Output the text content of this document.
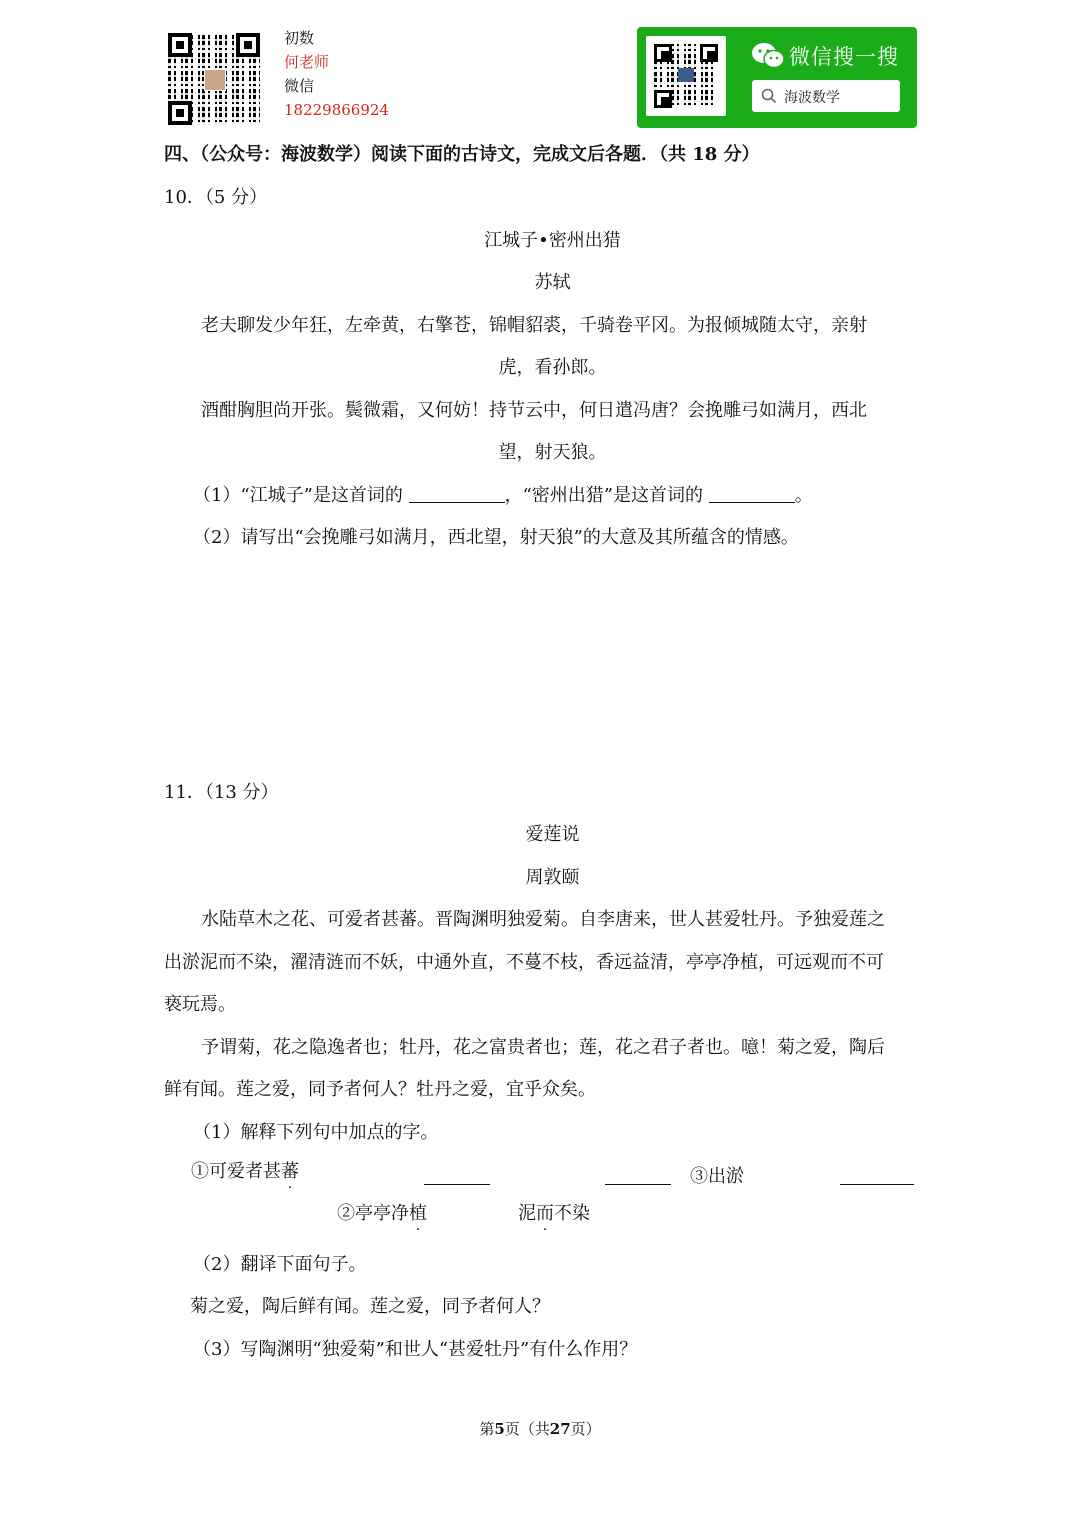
初数
何老师
微信
18229866924
微信搜一搜
海波数学
四、（公众号：海波数学）阅读下面的古诗文，完成文后各题．（共 18 分）
10．（5 分）
江城子•密州出猎
苏轼
老夫聊发少年狂，左牵黄，右擎苍，锦帽貂裘，千骑卷平冈。为报倾城随太守，亲射
虎，看孙郎。
酒酣胸胆尚开张。鬓微霜，又何妨！持节云中，何日遣冯唐？会挽雕弓如满月，西北
望，射天狼。
（1）“江城子”是这首词的	，“密州出猎”是这首词的	。
（2）请写出“会挽雕弓如满月，西北望，射天狼”的大意及其所蕴含的情感。
11．（13 分）
爱莲说
周敦颐
水陆草木之花、可爱者甚蕃。晋陶渊明独爱菊。自李唐来，世人甚爱牡丹。予独爱莲之
出淤泥而不染，濯清涟而不妖，中通外直，不蔓不枝，香远益清，亭亭净植，可远观而不可
亵玩焉。
予谓菊，花之隐逸者也；牡丹，花之富贵者也；莲，花之君子者也。噫！菊之爱，陶后
鲜有闻。莲之爱，同予者何人？牡丹之爱，宜乎众矣。
（1）解释下列句中加点的字。
①可爱者甚蕃	③出淤
②亭亭净植	泥而不染
（2）翻译下面句子。
菊之爱，陶后鲜有闻。莲之爱，同予者何人？
（3）写陶渊明“独爱菊”和世人“甚爱牡丹”有什么作用？
第5页（共27页）
